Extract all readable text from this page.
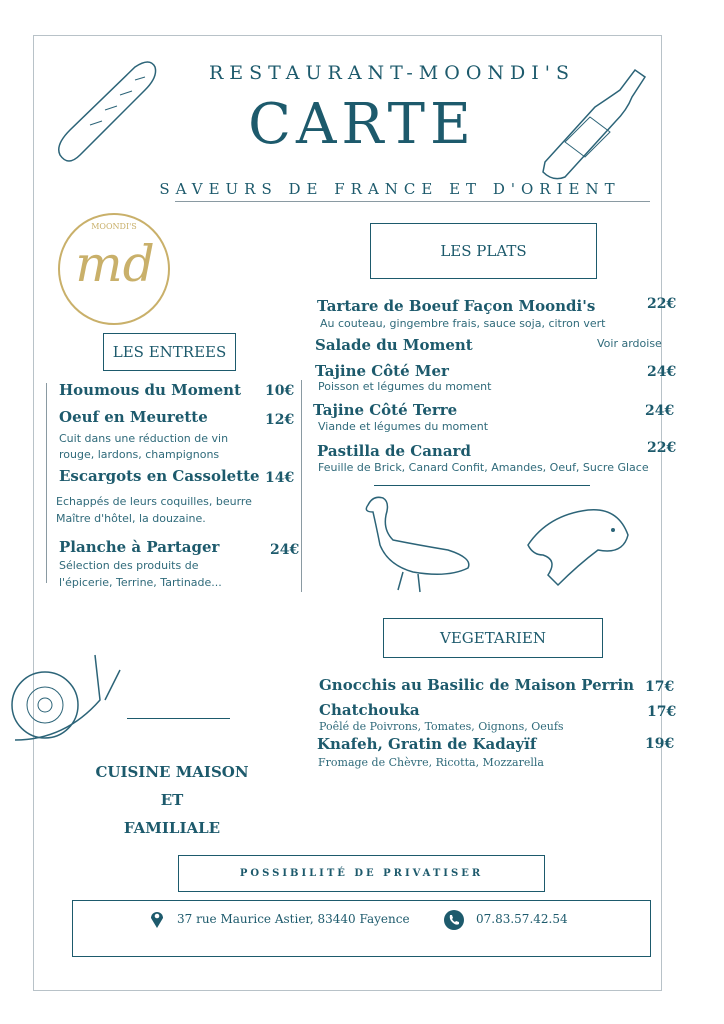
RESTAURANT-MOONDI'S
CARTE
SAVEURS DE FRANCE ET D'ORIENT
MOONDI'S
md
LES ENTREES
Houmous du Moment 10€
Oeuf en Meurette	12€
Cuit dans une réduction de vin rouge, lardons, champignons
Escargots en Cassolette 14€
Echappés de leurs coquilles, beurre Maître d'hôtel, la douzaine.
Planche à Partager	24€
Sélection des produits de l'épicerie, Terrine, Tartinade...
LES PLATS
Tartare de Boeuf Façon Moondi's	22€
Au couteau, gingembre frais, sauce soja, citron vert
Salade du Moment	Voir ardoise
Tajine Côté Mer	24€
Poisson et légumes du moment
Tajine Côté Terre	24€
Viande et légumes du moment
Pastilla de Canard	22€
Feuille de Brick, Canard Confit, Amandes, Oeuf, Sucre Glace
VEGETARIEN
Gnocchis au Basilic de Maison Perrin 17€
Chatchouka	17€
Poêlé de Poivrons, Tomates, Oignons, Oeufs
Knafeh, Gratin de Kadayïf	19€
Fromage de Chèvre, Ricotta, Mozzarella
CUISINE MAISON
ET
FAMILIALE
POSSIBILITÉ DE PRIVATISER
37 rue Maurice Astier, 83440 Fayence	07.83.57.42.54
